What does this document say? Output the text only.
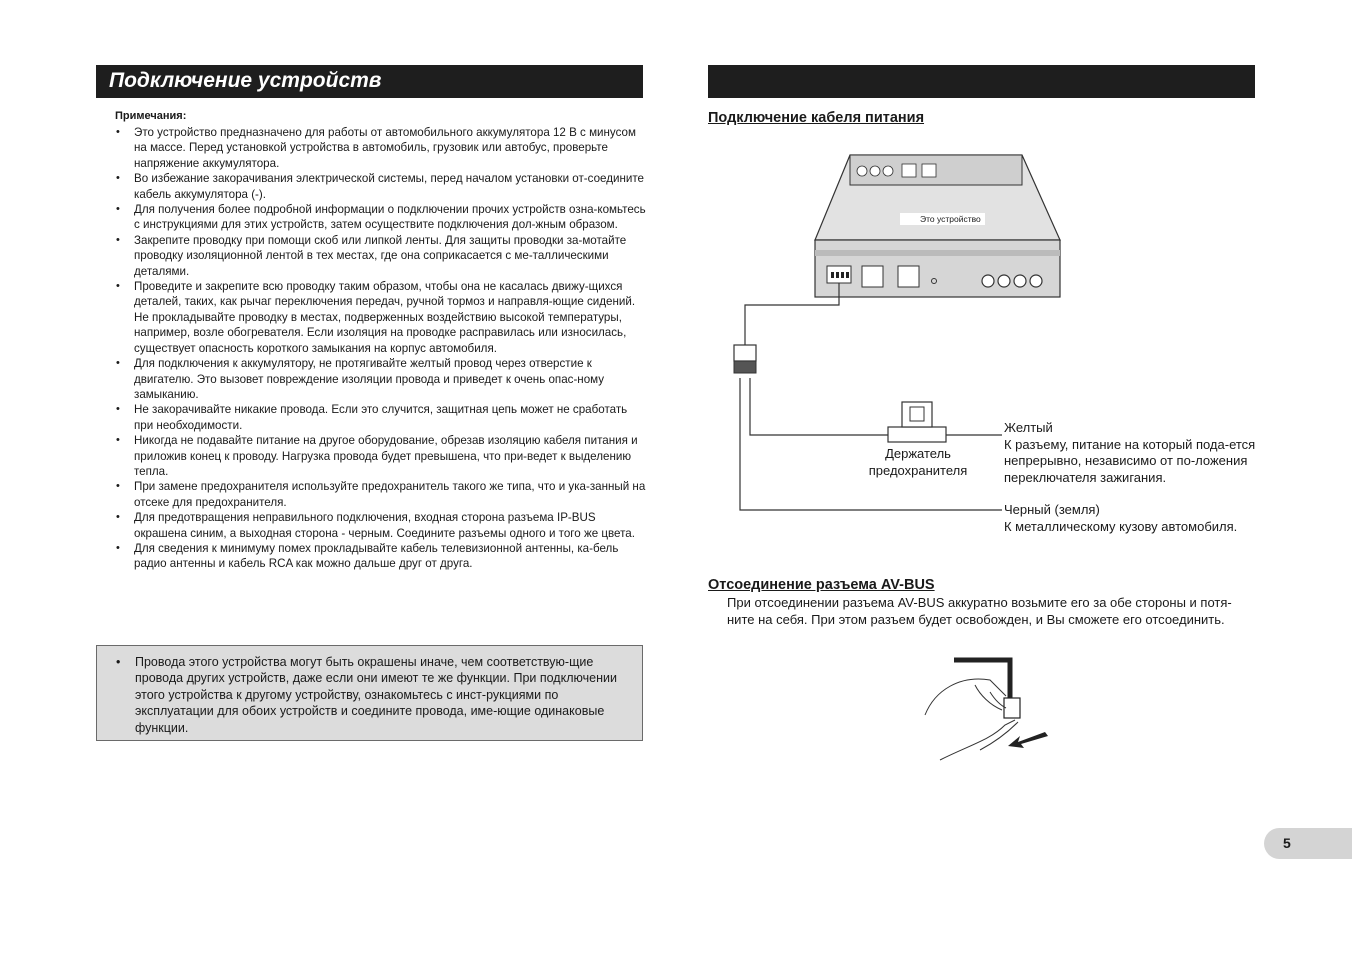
Подключение устройств
Примечания:
• Это устройство предназначено для работы от автомобильного аккумулятора 12 В с минусом на массе. Перед установкой устройства в автомобиль, грузовик или автобус, проверьте напряжение аккумулятора.
• Во избежание закорачивания электрической системы, перед началом установки от-соедините кабель аккумулятора (-).
• Для получения более подробной информации о подключении прочих устройств озна-комьтесь с инструкциями для этих устройств, затем осуществите подключения дол-жным образом.
• Закрепите проводку при помощи скоб или липкой ленты. Для защиты проводки за-мотайте проводку изоляционной лентой в тех местах, где она соприкасается с ме-таллическими деталями.
• Проведите и закрепите всю проводку таким образом, чтобы она не касалась движу-щихся деталей, таких, как рычаг переключения передач, ручной тормоз и направля-ющие сидений. Не прокладывайте проводку в местах, подверженных воздействию высокой температуры, например, возле обогревателя. Если изоляция на проводке расправилась или износилась, существует опасность короткого замыкания на корпус автомобиля.
• Для подключения к аккумулятору, не протягивайте желтый провод через отверстие к двигателю. Это вызовет повреждение изоляции провода и приведет к очень опас-ному замыканию.
• Не закорачивайте никакие провода. Если это случится, защитная цепь может не сработать при необходимости.
• Никогда не подавайте питание на другое оборудование, обрезав изоляцию кабеля питания и приложив конец к проводу. Нагрузка провода будет превышена, что при-ведет к выделению тепла.
• При замене предохранителя используйте предохранитель такого же типа, что и ука-занный на отсеке для предохранителя.
• Для предотвращения неправильного подключения, входная сторона разъема IP-BUS окрашена синим, а выходная сторона - черным. Соедините разъемы одного и того же цвета.
• Для сведения к минимуму помех прокладывайте кабель телевизионной антенны, ка-бель радио антенны и кабель RCA как можно дальше друг от друга.
• Провода этого устройства могут быть окрашены иначе, чем соответствую-щие провода других устройств, даже если они имеют те же функции. При подключении этого устройства к другому устройству, ознакомьтесь с инст-рукциями по эксплуатации для обоих устройств и соедините провода, име-ющие одинаковые функции.
Подключение кабеля питания
Это устройство
Держатель
предохранителя
Желтый
К разъему, питание на который пода-ется непрерывно, независимо от по-ложения переключателя зажигания.
Черный (земля)
К металлическому кузову автомобиля.
Отсоединение разъема AV-BUS
При отсоединении разъема AV-BUS аккуратно возьмите его за обе стороны и потя-ните на себя. При этом разъем будет освобожден, и Вы сможете его отсоединить.
5
